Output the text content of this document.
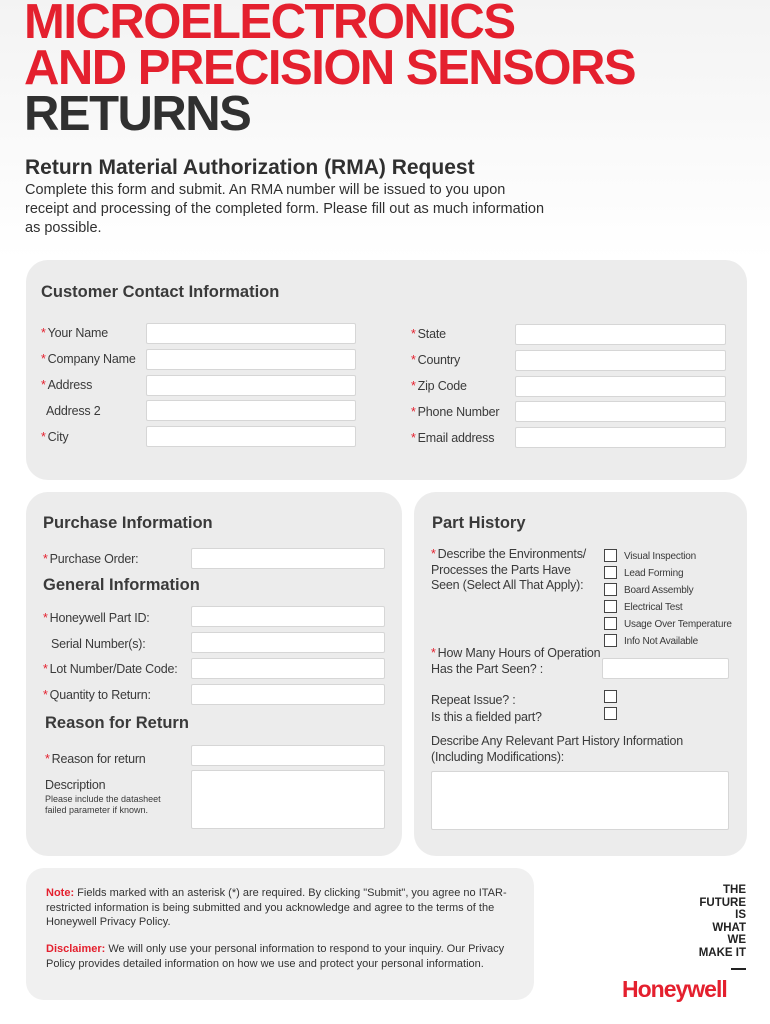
MICROELECTRONICS
AND PRECISION SENSORS
RETURNS
Return Material Authorization (RMA) Request
Complete this form and submit. An RMA number will be issued to you upon receipt and processing of the completed form. Please fill out as much information as possible.
Customer Contact Information
* Your Name
* Company Name
* Address
Address 2
* City
* State
* Country
* Zip Code
* Phone Number
* Email address
Purchase Information
* Purchase Order:
General Information
* Honeywell Part ID:
Serial Number(s):
* Lot Number/Date Code:
* Quantity to Return:
Reason for Return
* Reason for return
Description
Please include the datasheet failed parameter if known.
Part History
* Describe the Environments/ Processes the Parts Have Seen (Select All That Apply):
Visual Inspection
Lead Forming
Board Assembly
Electrical Test
Usage Over Temperature
Info Not Available
* How Many Hours of Operation Has the Part Seen? :
Repeat Issue? :
Is this a fielded part?
Describe Any Relevant Part History Information (Including Modifications):
Note: Fields marked with an asterisk (*) are required. By clicking "Submit", you agree no ITAR-restricted information is being submitted and you acknowledge and agree to the terms of the Honeywell Privacy Policy.
Disclaimer: We will only use your personal information to respond to your inquiry. Our Privacy Policy provides detailed information on how we use and protect your personal information.
THE
FUTURE
IS
WHAT
WE
MAKE IT
Honeywell
